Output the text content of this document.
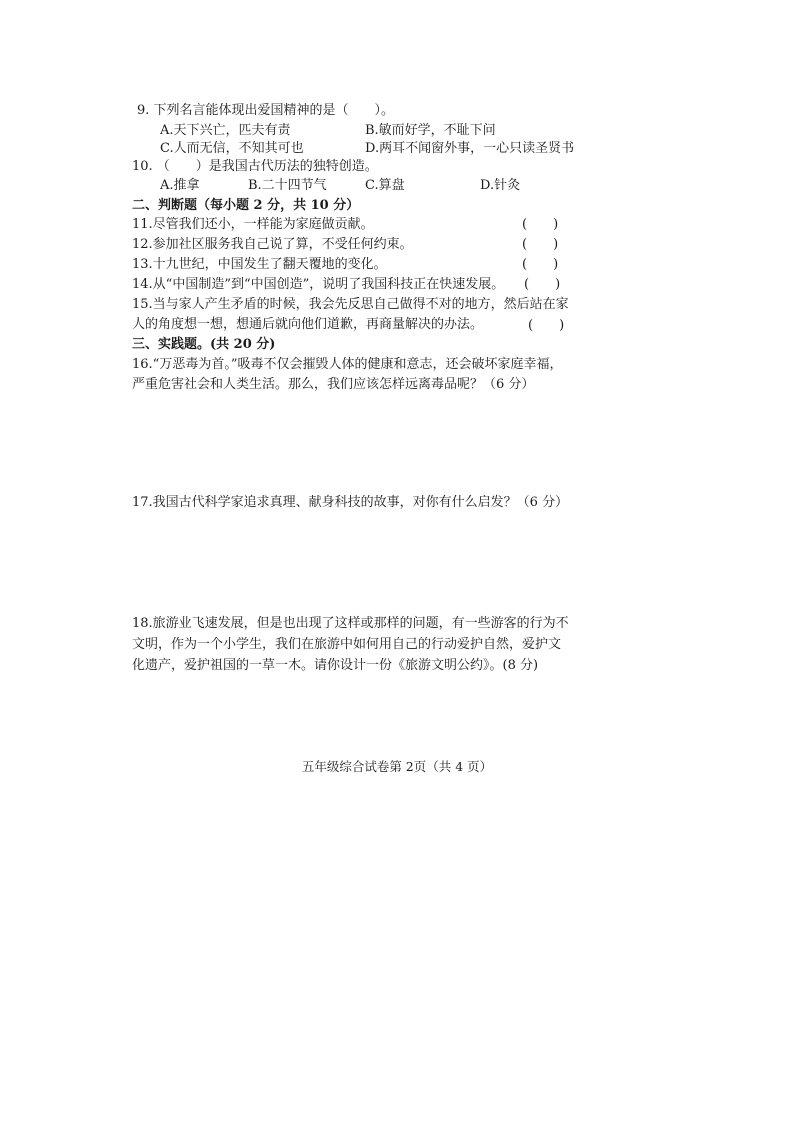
9. 下列名言能体现出爱国精神的是（　　）。
A.天下兴亡，匹夫有责	B.敏而好学，不耻下问
C.人而无信，不知其可也	D.两耳不闻窗外事，一心只读圣贤书
10. （　　）是我国古代历法的独特创造。
A.推拿	B.二十四节气	C.算盘	D.针灸
二、判断题（每小题 2 分，共 10 分）
11.尽管我们还小，一样能为家庭做贡献。	(　　)
12.参加社区服务我自己说了算，不受任何约束。	(　　)
13.十九世纪，中国发生了翻天覆地的变化。	(　　)
14.从“中国制造”到“中国创造”，说明了我国科技正在快速发展。 (　　)
15.当与家人产生矛盾的时候，我会先反思自己做得不对的地方，然后站在家
人的角度想一想，想通后就向他们道歉，再商量解决的办法。	(　　)
三、实践题。(共 20 分)
16.“万恶毒为首。”吸毒不仅会摧毁人体的健康和意志，还会破坏家庭幸福，
严重危害社会和人类生活。那么，我们应该怎样远离毒品呢？（6 分）
17.我国古代科学家追求真理、献身科技的故事，对你有什么启发？（6 分）
18.旅游业飞速发展，但是也出现了这样或那样的问题，有一些游客的行为不
文明，作为一个小学生，我们在旅游中如何用自己的行动爱护自然，爱护文
化遗产，爱护祖国的一草一木。请你设计一份《旅游文明公约》。(8 分)
五年级综合试卷第 2页（共 4 页）
